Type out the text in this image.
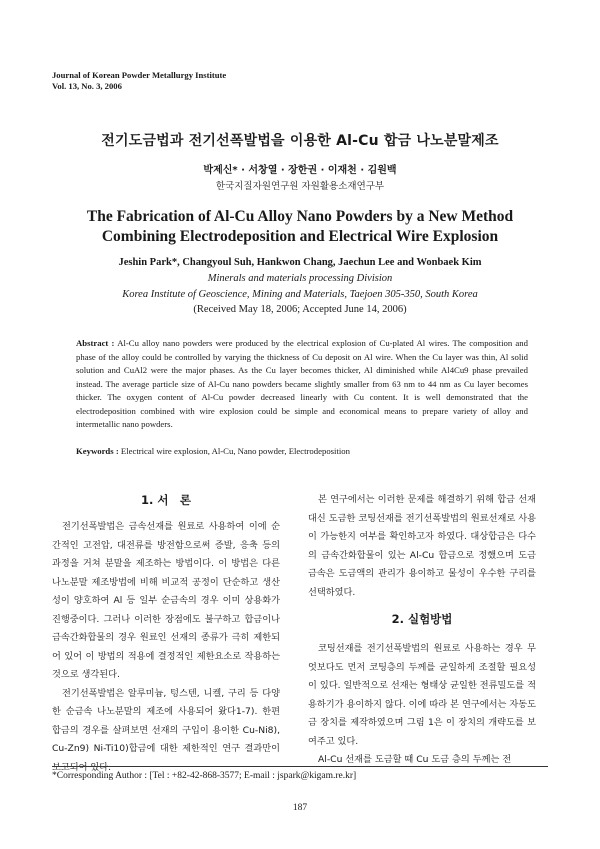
Journal of Korean Powder Metallurgy Institute
Vol. 13, No. 3, 2006
전기도금법과 전기선폭발법을 이용한 Al-Cu 합금 나노분말제조
박제신* · 서창열 · 장한권 · 이재천 · 김원백
한국지질자원연구원 자원활용소재연구부
The Fabrication of Al-Cu Alloy Nano Powders by a New Method
Combining Electrodeposition and Electrical Wire Explosion
Jeshin Park*, Changyoul Suh, Hankwon Chang, Jaechun Lee and Wonbaek Kim
Minerals and materials processing Division
Korea Institute of Geoscience, Mining and Materials, Taejoen 305-350, South Korea
(Received May 18, 2006; Accepted June 14, 2006)
Abstract : Al-Cu alloy nano powders were produced by the electrical explosion of Cu-plated Al wires. The composition and phase of the alloy could be controlled by varying the thickness of Cu deposit on Al wire. When the Cu layer was thin, Al solid solution and CuAl2 were the major phases. As the Cu layer becomes thicker, Al diminished while Al4Cu9 phase prevailed instead. The average particle size of Al-Cu nano powders became slightly smaller from 63 nm to 44 nm as Cu layer becomes thicker. The oxygen content of Al-Cu powder decreased linearly with Cu content. It is well demonstrated that the electrodeposition combined with wire explosion could be simple and economical means to prepare variety of alloy and intermetallic nano powders.
Keywords : Electrical wire explosion, Al-Cu, Nano powder, Electrodeposition
1. 서　론

전기선폭발법은 금속선재를 원료로 사용하여 이에 순간적인 고전압, 대전류를 방전함으로써 증발, 응축 등의 과정을 거쳐 분말을 제조하는 방법이다. 이 방법은 다른 나노분말 제조방법에 비해 비교적 공정이 단순하고 생산성이 양호하여 Al 등 일부 순금속의 경우 이미 상용화가 진행중이다. 그러나 이러한 장점에도 불구하고 합금이나 금속간화합물의 경우 원료인 선재의 종류가 극히 제한되어 있어 이 방법의 적용에 결정적인 제한요소로 작용하는 것으로 생각된다.

전기선폭발법은 알루미늄, 텅스텐, 니켈, 구리 등 다양한 순금속 나노분말의 제조에 사용되어 왔다1-7). 한편 합금의 경우를 살펴보면 선재의 구입이 용이한 Cu-Ni8), Cu-Zn9) Ni-Ti10)합금에 대한 제한적인 연구 결과만이 보고되어 있다.

본 연구에서는 이러한 문제를 해결하기 위해 합금 선재대신 도금한 코팅선재를 전기선폭발법의 원료선재로 사용이 가능한지 여부를 확인하고자 하였다. 대상합금은 다수의 금속간화합물이 있는 Al-Cu 합금으로 정했으며 도금금속은 도금액의 관리가 용이하고 물성이 우수한 구리를 선택하였다.

2. 실험방법

코팅선재를 전기선폭발법의 원료로 사용하는 경우 무엇보다도 먼저 코팅층의 두께를 균일하게 조절할 필요성이 있다. 일반적으로 선재는 형태상 균일한 전류밀도를 적용하기가 용이하지 않다. 이에 따라 본 연구에서는 자동도금 장치를 제작하였으며 그림 1은 이 장치의 개략도를 보여주고 있다.

Al-Cu 선재를 도금할 때 Cu 도금 층의 두께는 전

*Corresponding Author : [Tel : +82-42-868-3577; E-mail : jspark@kigam.re.kr]
187
